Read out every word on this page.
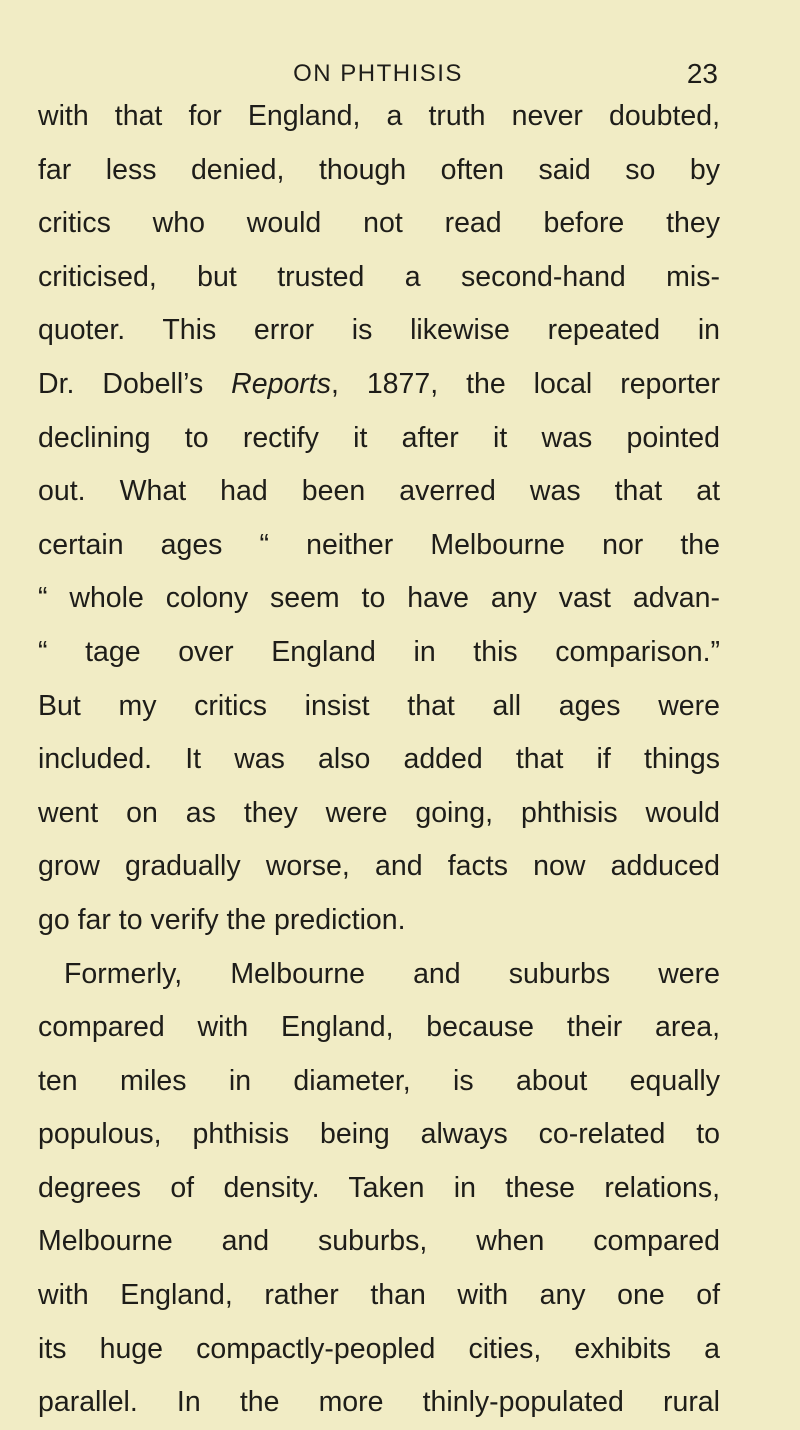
ON PHTHISIS	23
with that for England, a truth never doubted,
far less denied, though often said so by
critics who would not read before they
criticised, but trusted a second-hand mis-
quoter. This error is likewise repeated in
Dr. Dobell’s Reports, 1877, the local reporter
declining to rectify it after it was pointed
out. What had been averred was that at
certain ages “ neither Melbourne nor the
“ whole colony seem to have any vast advan-
“ tage over England in this comparison.”
But my critics insist that all ages were
included. It was also added that if things
went on as they were going, phthisis would
grow gradually worse, and facts now adduced
go far to verify the prediction.
Formerly, Melbourne and suburbs were
compared with England, because their area,
ten miles in diameter, is about equally
populous, phthisis being always co-related to
degrees of density. Taken in these relations,
Melbourne and suburbs, when compared
with England, rather than with any one of
its huge compactly-peopled cities, exhibits a
parallel. In the more thinly-populated rural
